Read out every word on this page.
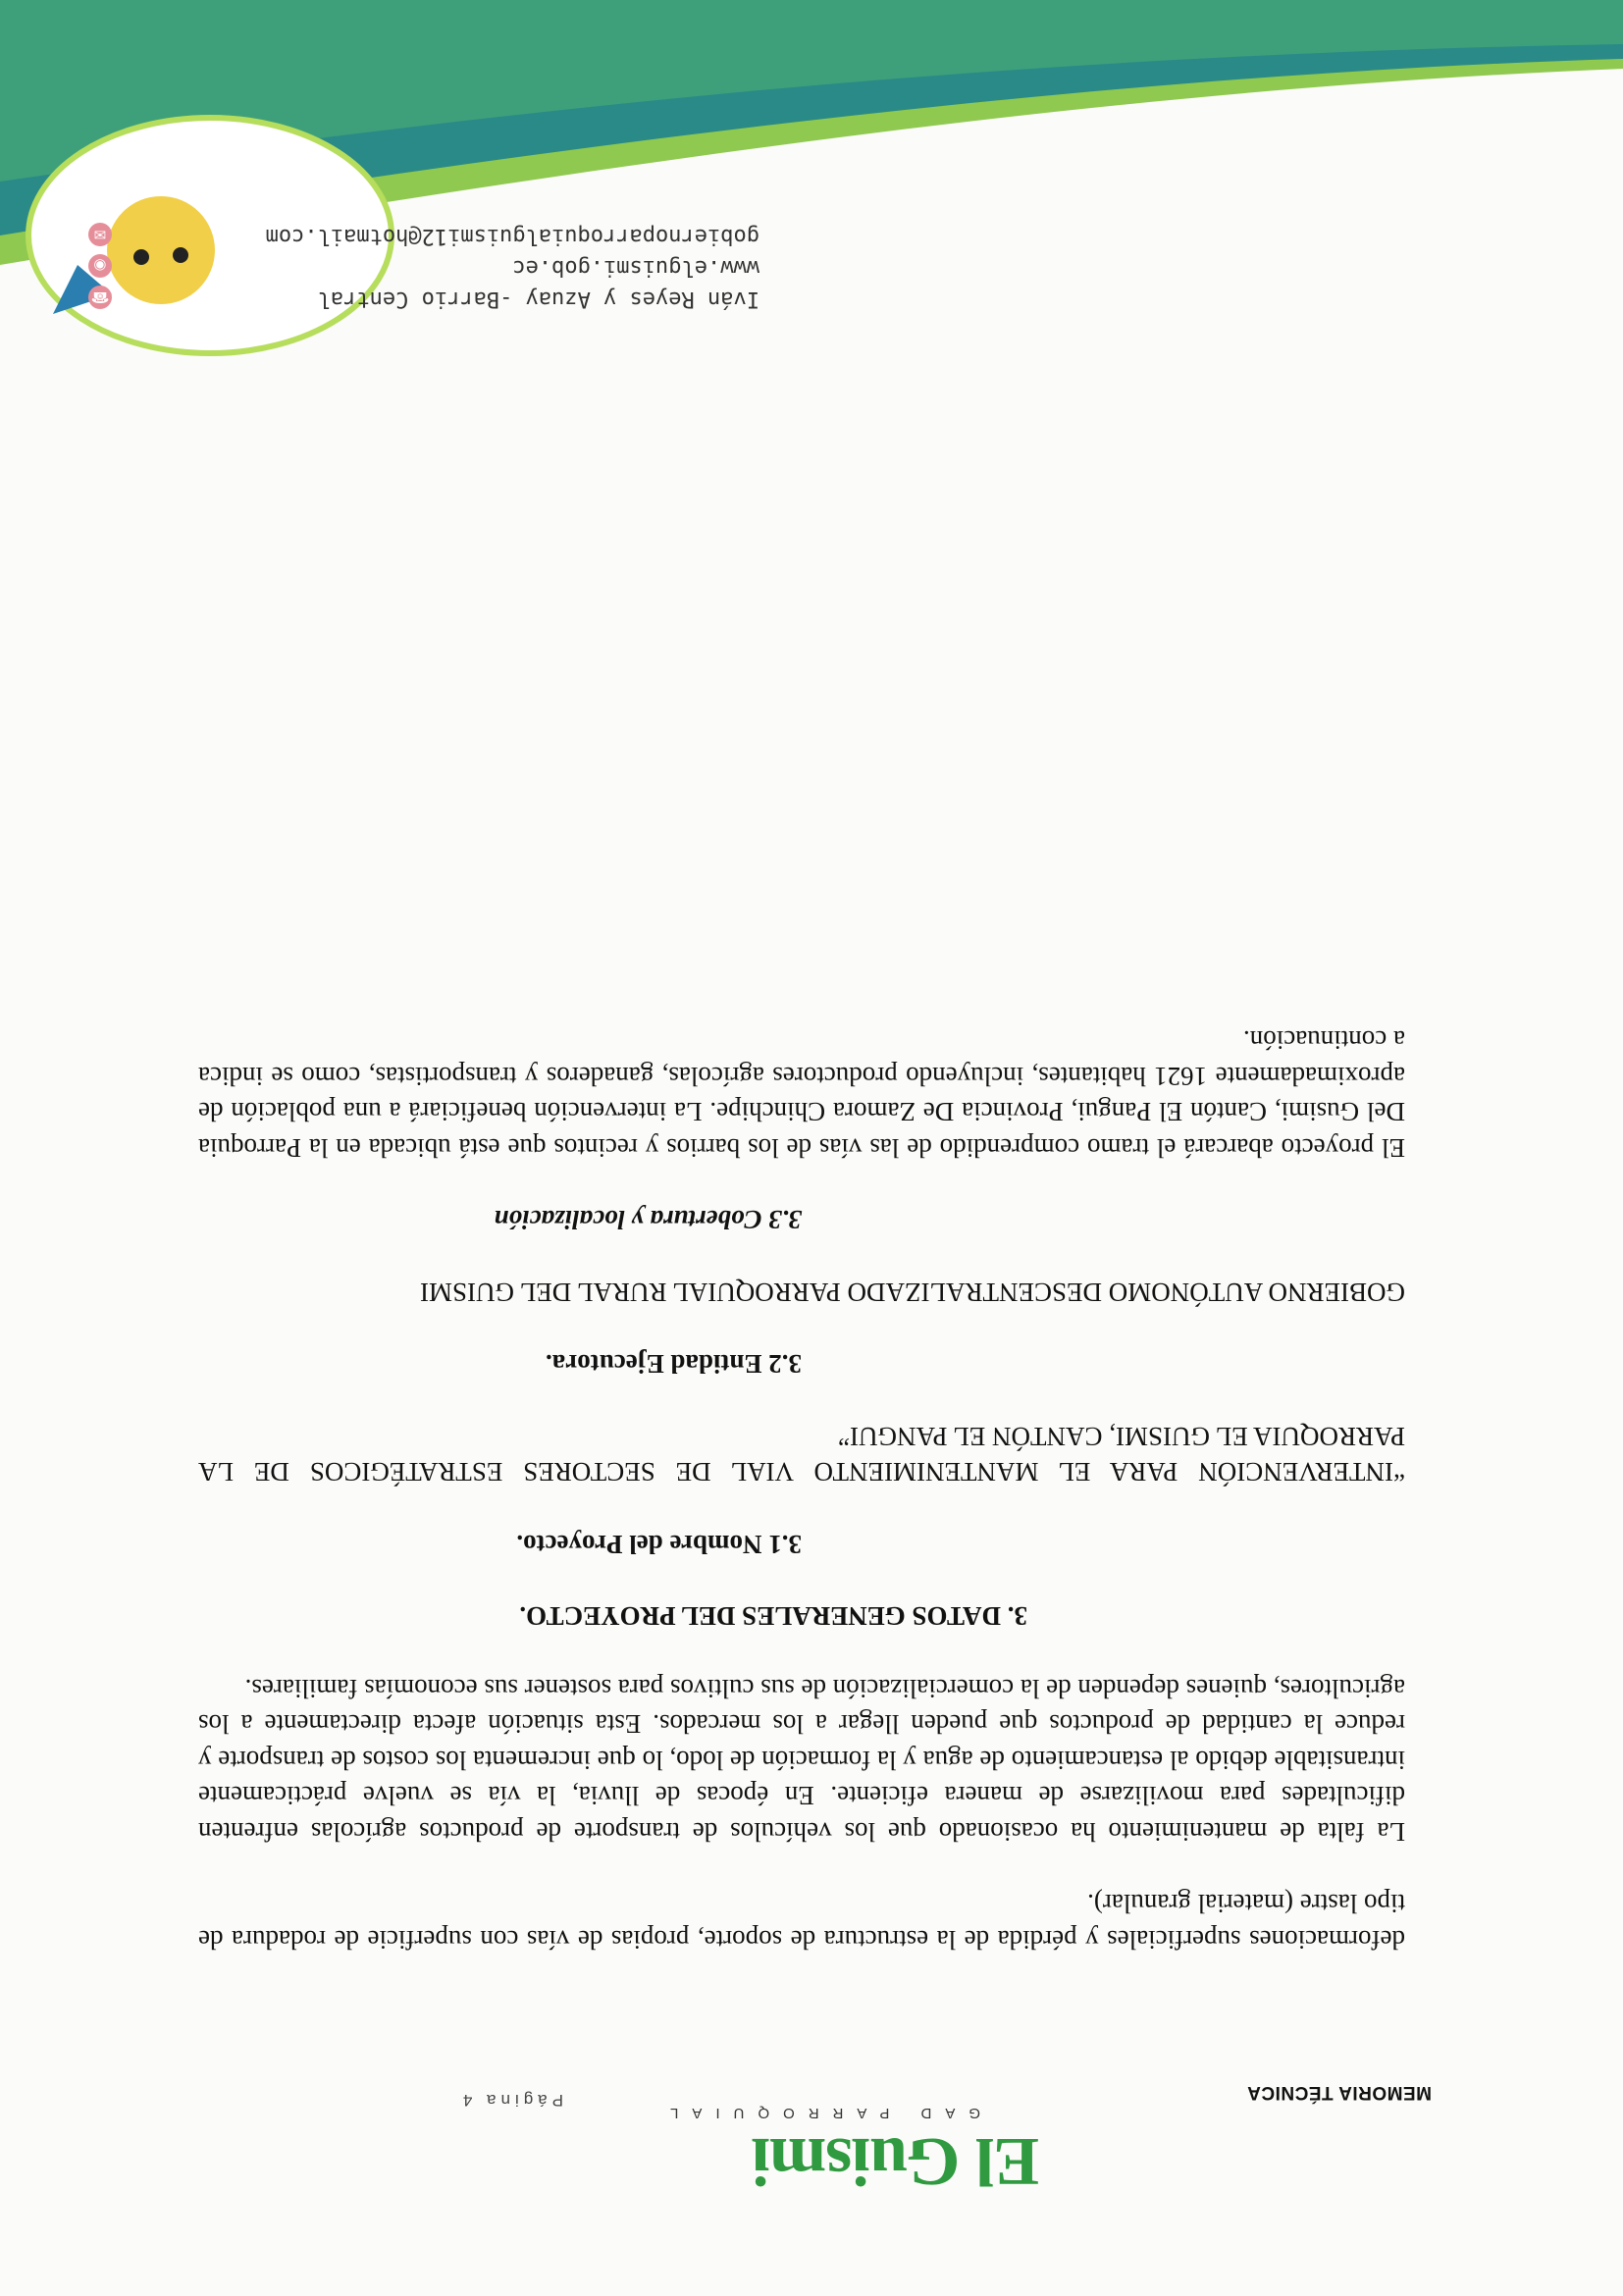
MEMORIA TÉCNICA
El Guismi
GAD PARROQUIAL
Página 4

deformaciones superficiales y pérdida de la estructura de soporte, propias de vías con superficie de rodadura de tipo lastre (material granular).

La falta de mantenimiento ha ocasionado que los vehículos de transporte de productos agrícolas enfrenten dificultades para movilizarse de manera eficiente. En épocas de lluvia, la vía se vuelve prácticamente intransitable debido al estancamiento de agua y la formación de lodo, lo que incrementa los costos de transporte y reduce la cantidad de productos que pueden llegar a los mercados. Esta situación afecta directamente a los agricultores, quienes dependen de la comercialización de sus cultivos para sostener sus economías familiares.

3. DATOS GENERALES DEL PROYECTO.
3.1 Nombre del Proyecto.

“INTERVENCIÓN PARA EL MANTENIMIENTO VIAL DE SECTORES ESTRATÉGICOS DE LA PARROQUIA EL GUISMI, CANTÓN EL PANGUI”

3.2 Entidad Ejecutora.

GOBIERNO AUTÓNOMO DESCENTRALIZADO PARROQUIAL RURAL DEL GUISMI

3.3 Cobertura y localización

El proyecto abarcará el tramo comprendido de las vías de los barrios y recintos que está ubicada en la Parroquia Del Gusimi, Cantón El Pangui, Provincia De Zamora Chinchipe. La intervención beneficiará a una población de aproximadamente 1621 habitantes, incluyendo productores agrícolas, ganaderos y transportistas, como se indica a continuación.

☎	Iván Reyes y Azuay -Barrio Central
◉	www.elguismi.gob.ec
✉	gobiernoparroquialguismi12@hotmail.com
